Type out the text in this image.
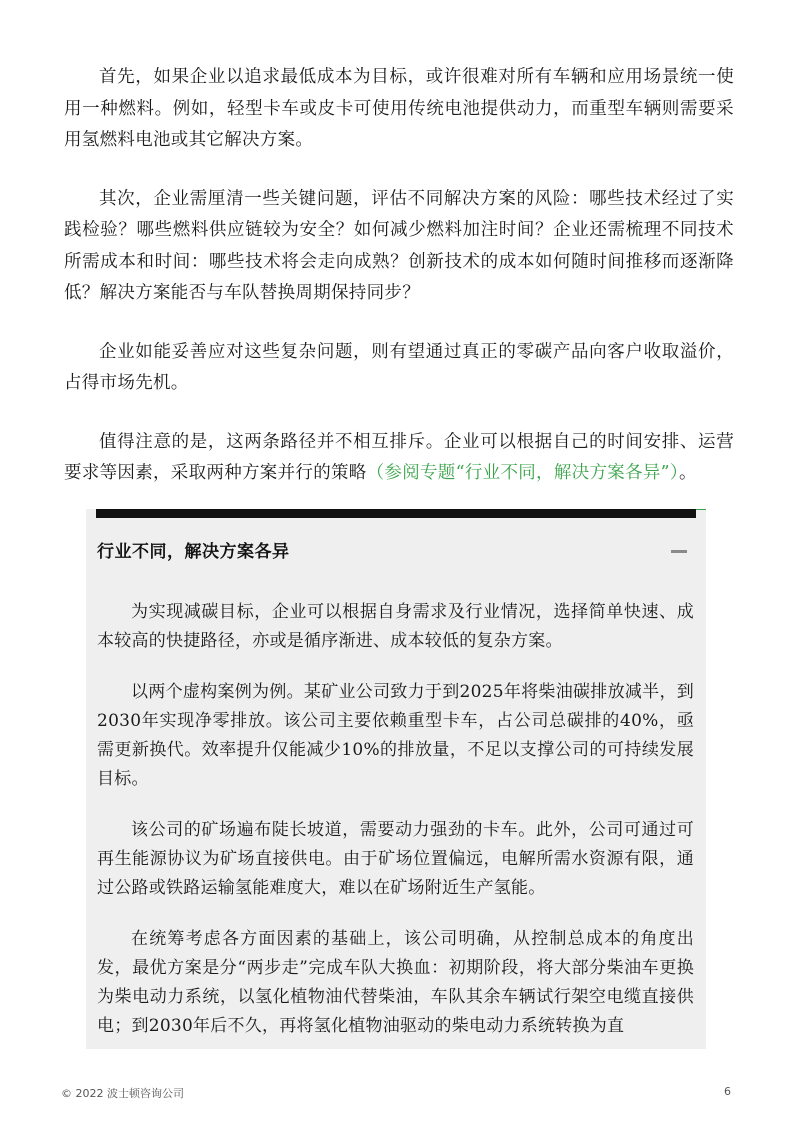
首先，如果企业以追求最低成本为目标，或许很难对所有车辆和应用场景统一使用一种燃料。例如，轻型卡车或皮卡可使用传统电池提供动力，而重型车辆则需要采用氢燃料电池或其它解决方案。

其次，企业需厘清一些关键问题，评估不同解决方案的风险：哪些技术经过了实践检验？哪些燃料供应链较为安全？如何减少燃料加注时间？企业还需梳理不同技术所需成本和时间：哪些技术将会走向成熟？创新技术的成本如何随时间推移而逐渐降低？解决方案能否与车队替换周期保持同步？

企业如能妥善应对这些复杂问题，则有望通过真正的零碳产品向客户收取溢价，占得市场先机。

值得注意的是，这两条路径并不相互排斥。企业可以根据自己的时间安排、运营要求等因素，采取两种方案并行的策略（参阅专题“行业不同，解决方案各异”）。

行业不同，解决方案各异

为实现减碳目标，企业可以根据自身需求及行业情况，选择简单快速、成本较高的快捷路径，亦或是循序渐进、成本较低的复杂方案。

以两个虚构案例为例。某矿业公司致力于到2025年将柴油碳排放减半，到2030年实现净零排放。该公司主要依赖重型卡车，占公司总碳排的40%，亟需更新换代。效率提升仅能减少10%的排放量，不足以支撑公司的可持续发展目标。

该公司的矿场遍布陡长坡道，需要动力强劲的卡车。此外，公司可通过可再生能源协议为矿场直接供电。由于矿场位置偏远，电解所需水资源有限，通过公路或铁路运输氢能难度大，难以在矿场附近生产氢能。

在统筹考虑各方面因素的基础上，该公司明确，从控制总成本的角度出发，最优方案是分“两步走”完成车队大换血：初期阶段，将大部分柴油车更换为柴电动力系统，以氢化植物油代替柴油，车队其余车辆试行架空电缆直接供电；到2030年后不久，再将氢化植物油驱动的柴电动力系统转换为直

© 2022 波士顿咨询公司	6
